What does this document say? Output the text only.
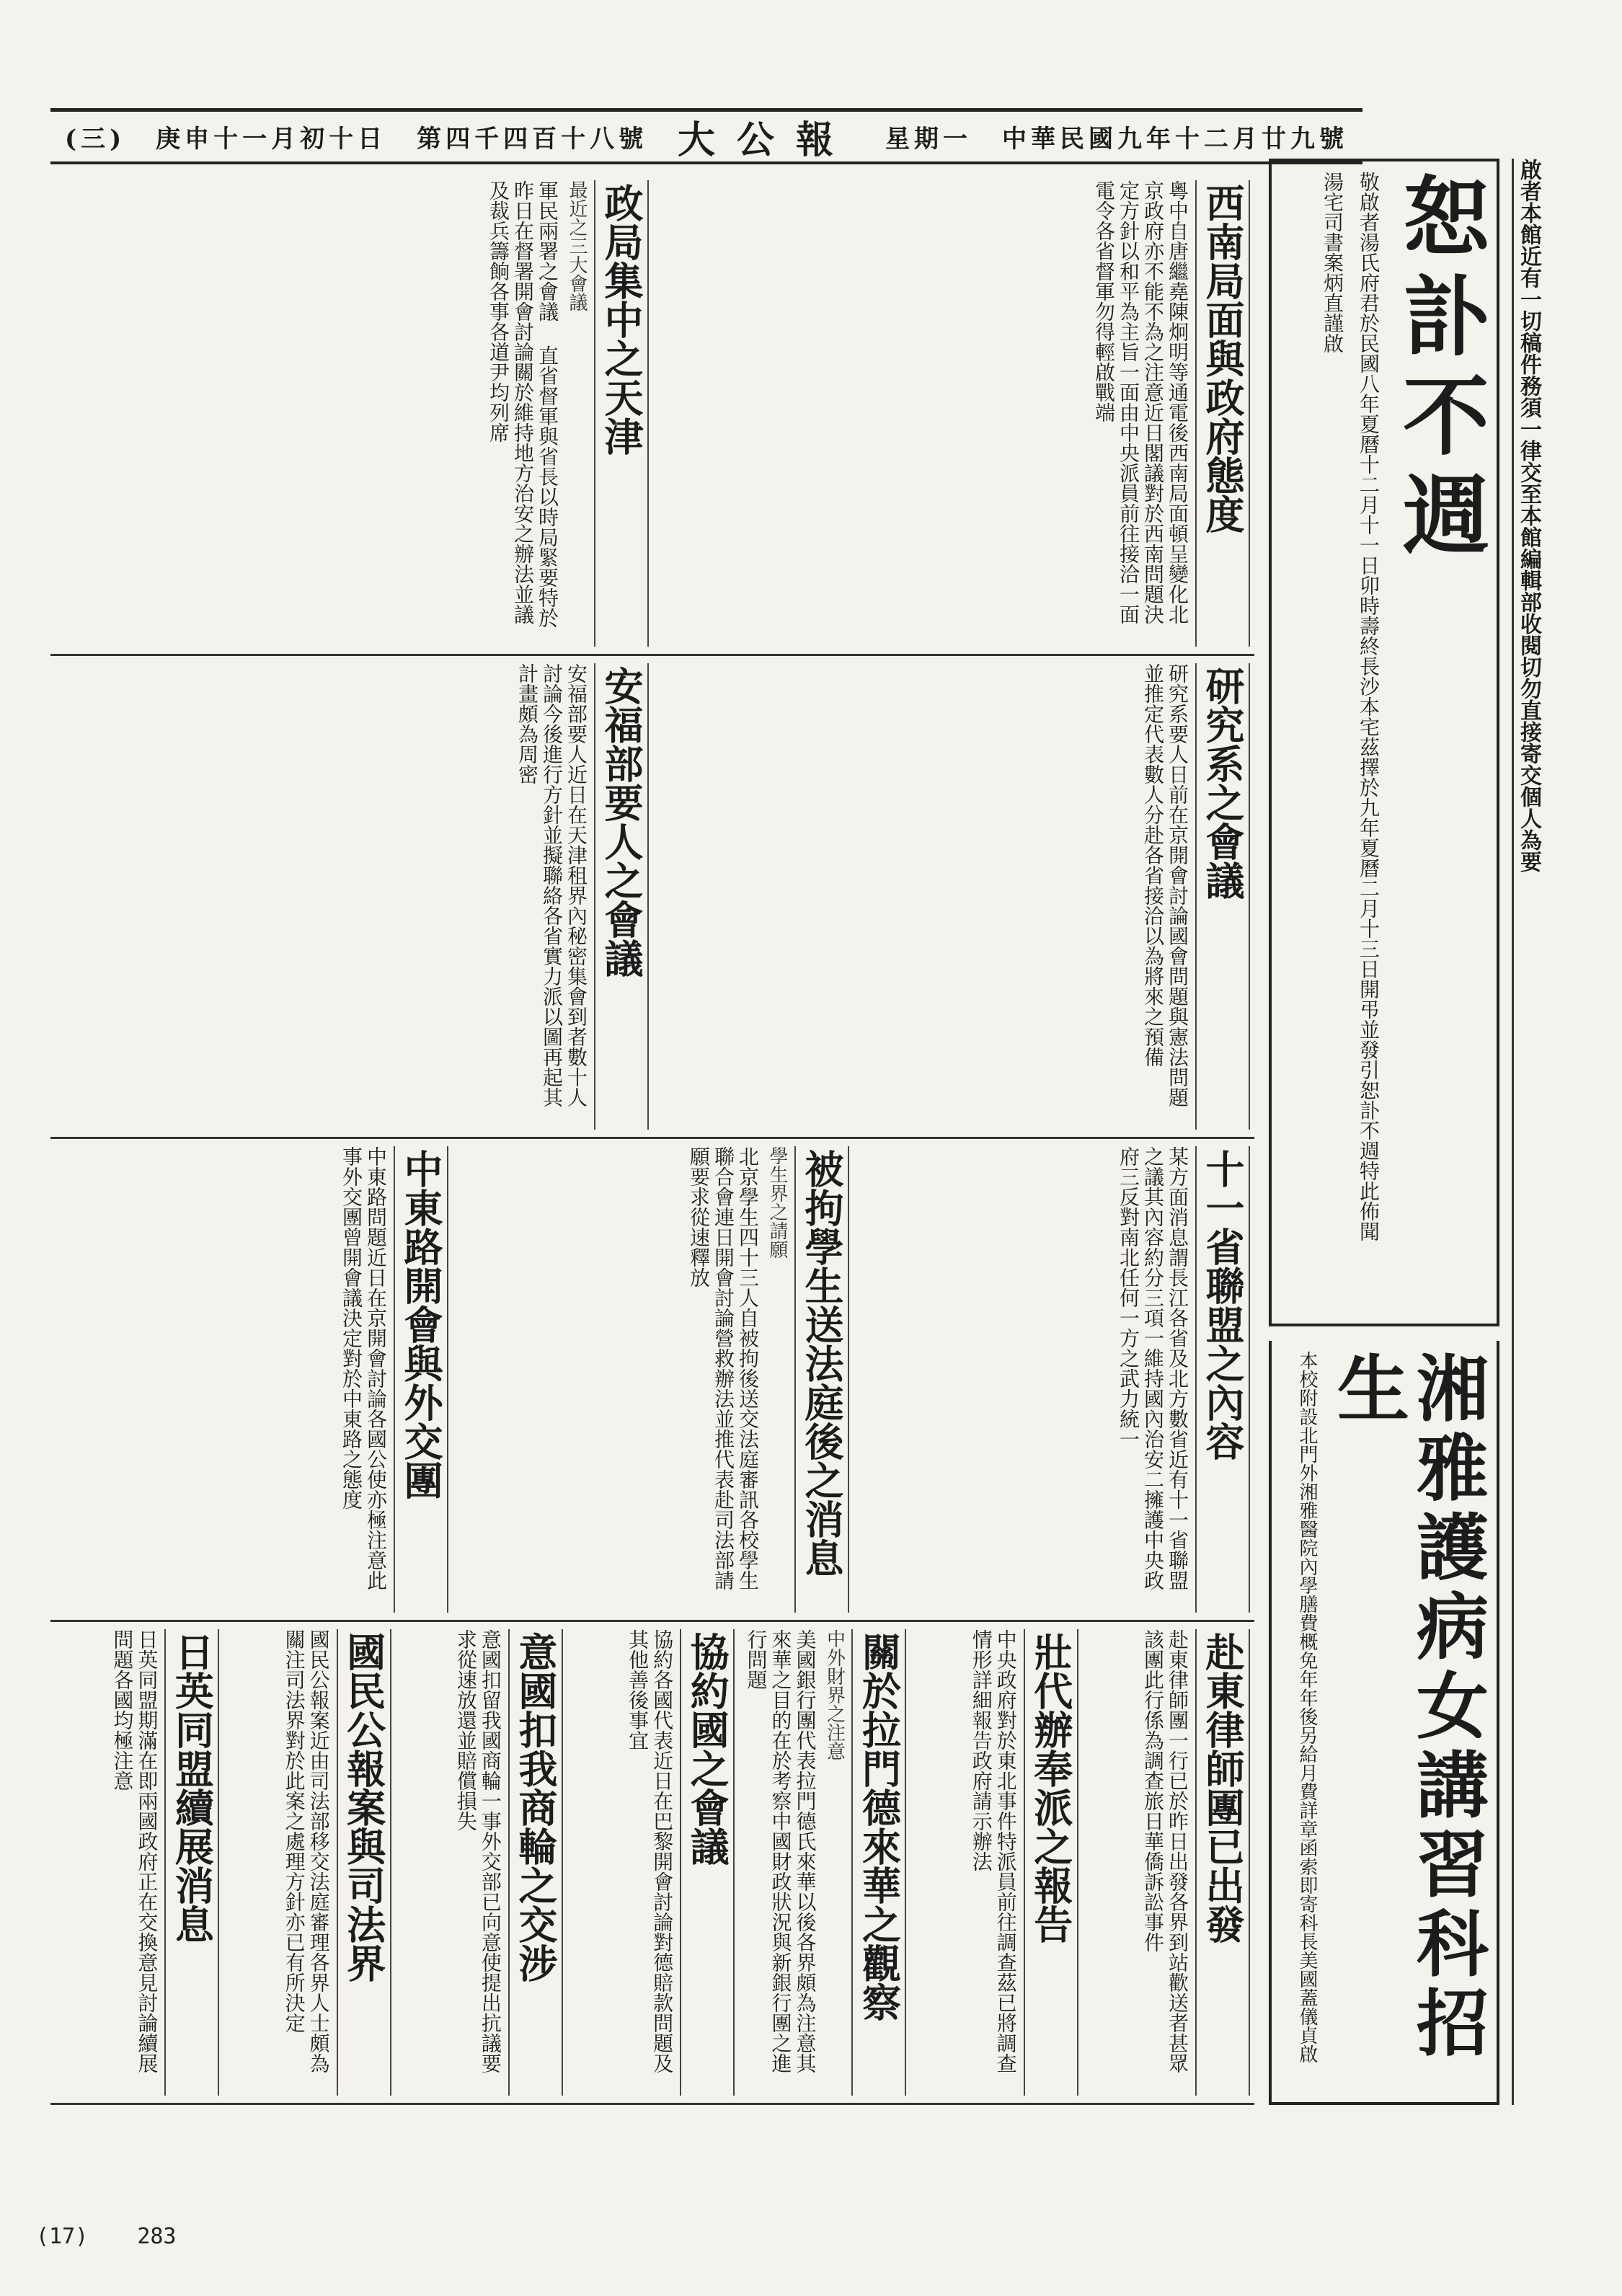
(三) 庚申十一月初十日 第四千四百十八號 大公報 星期一 中華民國九年十二月廿九號
啟者本館近有一切稿件務須一律交至本館編輯部收閱切勿直接寄交個人為要
恕訃不週
敬啟者湯氏府君於民國八年夏曆十二月十一日卯時壽終長沙本宅茲擇於九年夏曆二月十三日開弔並發引恕訃不週特此佈聞
湯宅司書案炳直謹啟
湘雅護病女講習科招生
本校附設北門外湘雅醫院內學膳費概免年年後另給月費詳章函索即寄科長美國蓋儀貞啟
西南局面與政府態度
粵中自唐繼堯陳炯明等通電後西南局面頓呈變化北京政府亦不能不為之注意近日閣議對於西南問題決定方針以和平為主旨一面由中央派員前往接洽一面電令各省督軍勿得輕啟戰端
政局集中之天津
最近之三大會議
軍民兩署之會議 直省督軍與省長以時局緊要特於昨日在督署開會討論關於維持地方治安之辦法並議及裁兵籌餉各事各道尹均列席
研究系之會議
研究系要人日前在京開會討論國會問題與憲法問題並推定代表數人分赴各省接洽以為將來之預備
安福部要人之會議
安福部要人近日在天津租界內秘密集會到者數十人討論今後進行方針並擬聯絡各省實力派以圖再起其計畫頗為周密
十一省聯盟之內容
某方面消息謂長江各省及北方數省近有十一省聯盟之議其內容約分三項一維持國內治安二擁護中央政府三反對南北任何一方之武力統一
被拘學生送法庭後之消息
學生界之請願
北京學生四十三人自被拘後送交法庭審訊各校學生聯合會連日開會討論營救辦法並推代表赴司法部請願要求從速釋放
中東路開會與外交團
中東路問題近日在京開會討論各國公使亦極注意此事外交團曾開會議決定對於中東路之態度
赴東律師團已出發
赴東律師團一行已於昨日出發各界到站歡送者甚眾該團此行係為調查旅日華僑訴訟事件
壯代辦奉派之報告
中央政府對於東北事件特派員前往調查茲已將調查情形詳細報告政府請示辦法
關於拉門德來華之觀察
中外財界之注意
美國銀行團代表拉門德氏來華以後各界頗為注意其來華之目的在於考察中國財政狀況與新銀行團之進行問題
協約國之會議
協約各國代表近日在巴黎開會討論對德賠款問題及其他善後事宜
意國扣我商輪之交涉
意國扣留我國商輪一事外交部已向意使提出抗議要求從速放還並賠償損失
國民公報案與司法界
國民公報案近由司法部移交法庭審理各界人士頗為關注司法界對於此案之處理方針亦已有所決定
日英同盟續展消息
日英同盟期滿在即兩國政府正在交換意見討論續展問題各國均極注意
(17) 283
